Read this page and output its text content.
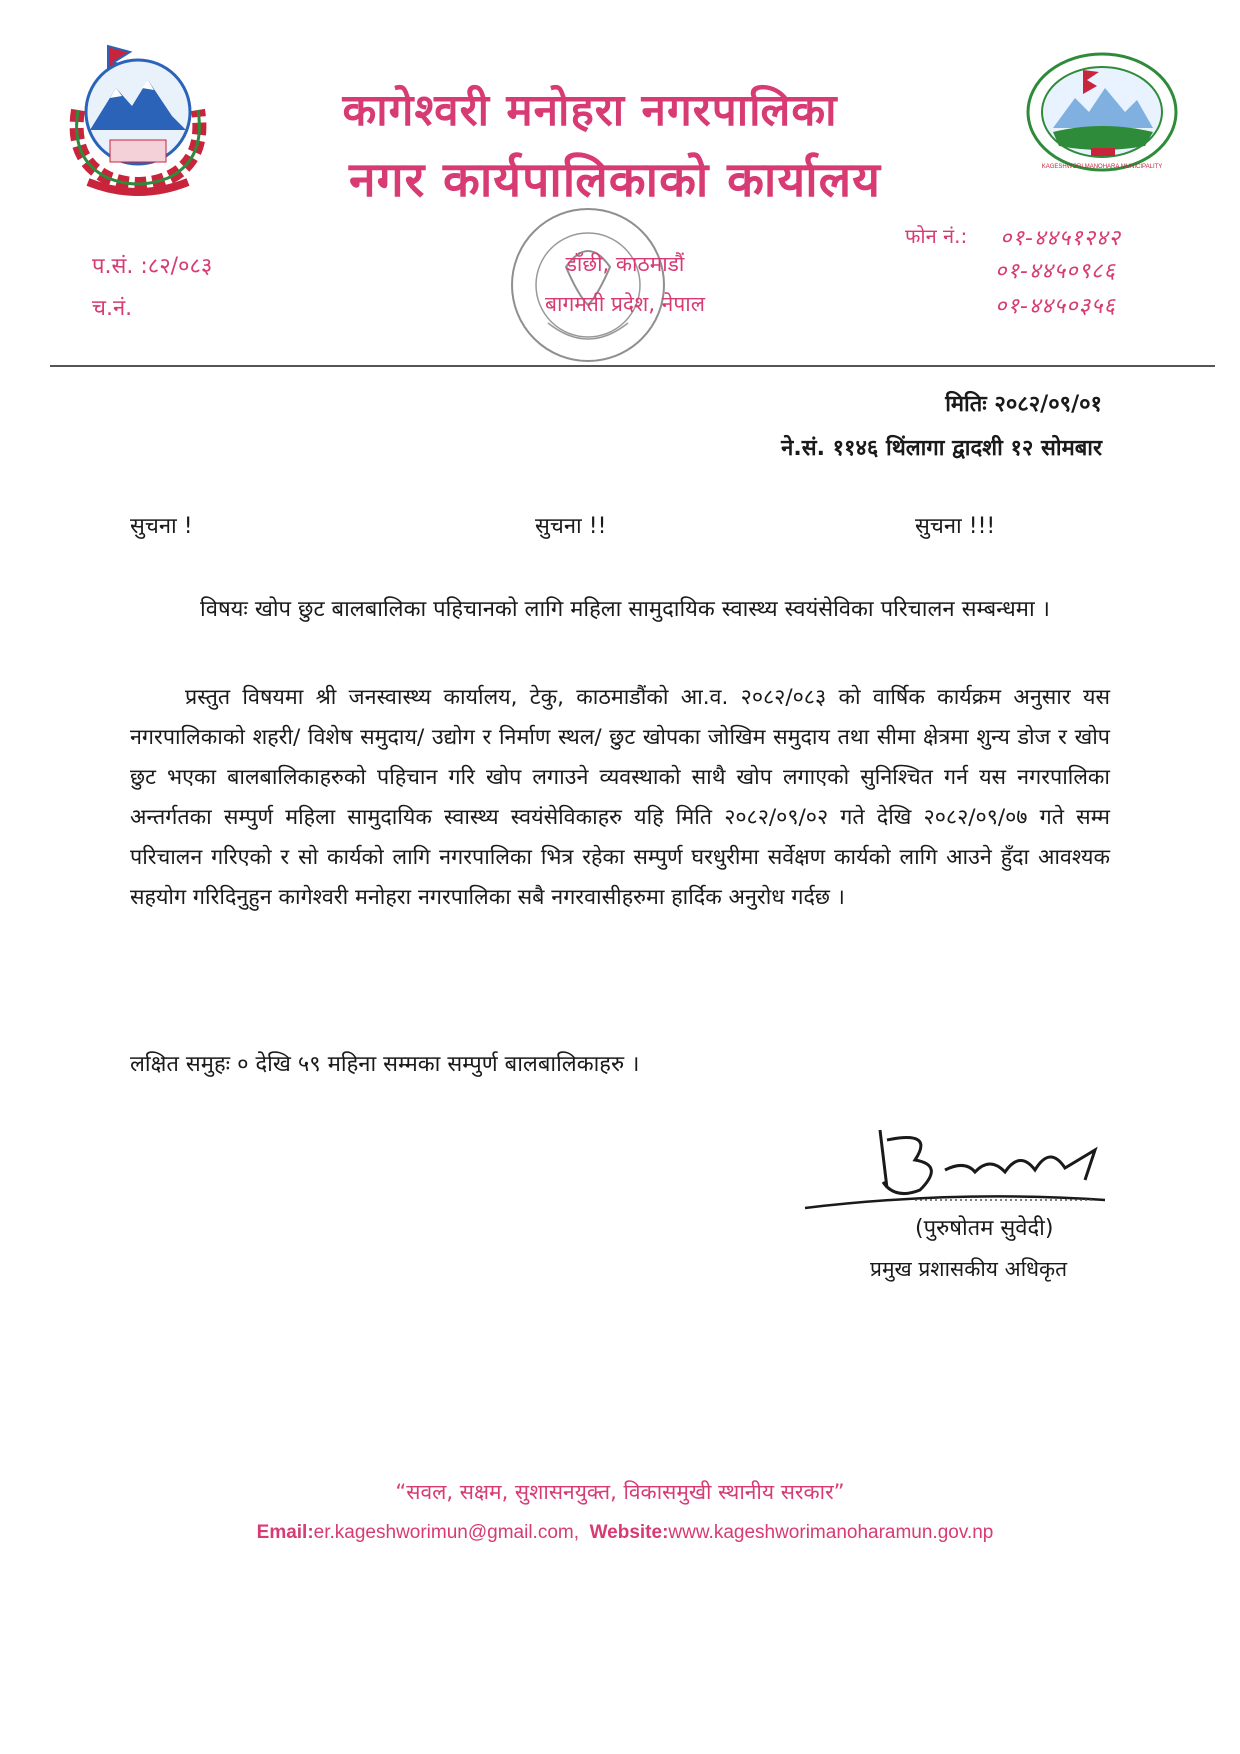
कागेश्वरी मनोहरा नगरपालिका
नगर कार्यपालिकाको कार्यालय	KAGESHWORI MANOHARA MUNICIPALITY
प.सं. :८२/०८३
च.नं.
डाँछी, काठमाडौं
बागमती प्रदेश, नेपाल
फोन नं.: ०१-४४५१२४२
०१-४४५०९८६
०१-४४५०३५६
मितिः २०८२/०९/०१
ने.सं. ११४६ थिंलागा द्वादशी १२ सोमबार
सुचना !	सुचना !!	सुचना !!!
विषयः खोप छुट बालबालिका पहिचानको लागि महिला सामुदायिक स्वास्थ्य स्वयंसेविका परिचालन सम्बन्धमा ।
प्रस्तुत विषयमा श्री जनस्वास्थ्य कार्यालय, टेकु, काठमाडौंको आ.व. २०८२/०८३ को वार्षिक कार्यक्रम अनुसार यस नगरपालिकाको शहरी/ विशेष समुदाय/ उद्योग र निर्माण स्थल/ छुट खोपका जोखिम समुदाय तथा सीमा क्षेत्रमा शुन्य डोज र खोप छुट भएका बालबालिकाहरुको पहिचान गरि खोप लगाउने व्यवस्थाको साथै खोप लगाएको सुनिश्चित गर्न यस नगरपालिका अन्तर्गतका सम्पुर्ण महिला सामुदायिक स्वास्थ्य स्वयंसेविकाहरु यहि मिति २०८२/०९/०२ गते देखि २०८२/०९/०७ गते सम्म परिचालन गरिएको र सो कार्यको लागि नगरपालिका भित्र रहेका सम्पुर्ण घरधुरीमा सर्वेक्षण कार्यको लागि आउने हुँदा आवश्यक सहयोग गरिदिनुहुन कागेश्वरी मनोहरा नगरपालिका सबै नगरवासीहरुमा हार्दिक अनुरोध गर्दछ ।
लक्षित समुहः ० देखि ५९ महिना सम्मका सम्पुर्ण बालबालिकाहरु ।
(पुरुषोतम सुवेदी)
प्रमुख प्रशासकीय अधिकृत
“सवल, सक्षम, सुशासनयुक्त, विकासमुखी स्थानीय सरकार”
Email:er.kageshworimun@gmail.com, Website:www.kageshworimanoharamun.gov.np
